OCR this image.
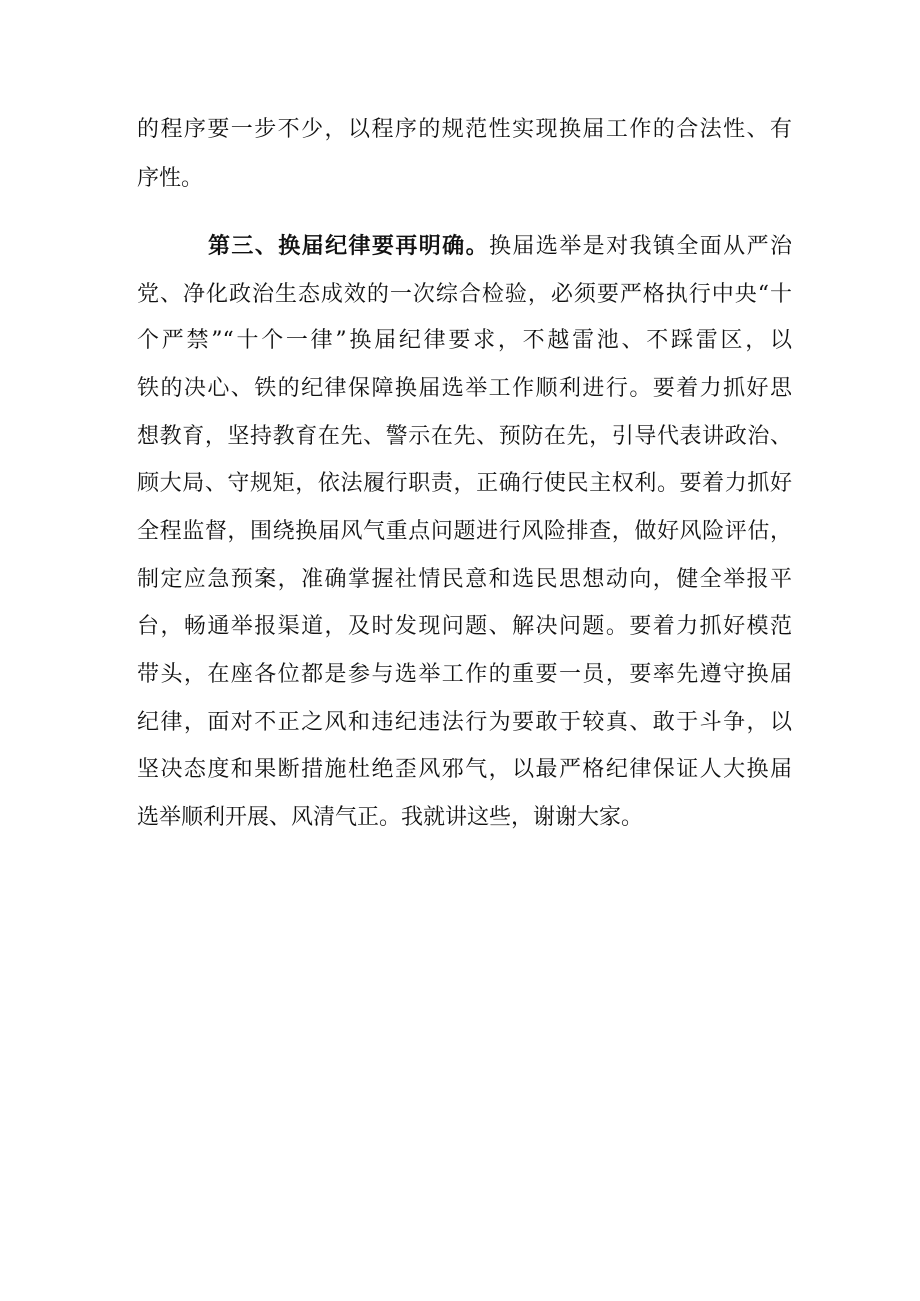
的程序要一步不少，以程序的规范性实现换届工作的合法性、有
序性。
第三、换届纪律要再明确。换届选举是对我镇全面从严治
党、净化政治生态成效的一次综合检验，必须要严格执行中央“十
个严禁”“十个一律”换届纪律要求，不越雷池、不踩雷区，以
铁的决心、铁的纪律保障换届选举工作顺利进行。要着力抓好思
想教育，坚持教育在先、警示在先、预防在先，引导代表讲政治、
顾大局、守规矩，依法履行职责，正确行使民主权利。要着力抓好
全程监督，围绕换届风气重点问题进行风险排查，做好风险评估，
制定应急预案，准确掌握社情民意和选民思想动向，健全举报平
台，畅通举报渠道，及时发现问题、解决问题。要着力抓好模范
带头，在座各位都是参与选举工作的重要一员，要率先遵守换届
纪律，面对不正之风和违纪违法行为要敢于较真、敢于斗争，以
坚决态度和果断措施杜绝歪风邪气，以最严格纪律保证人大换届
选举顺利开展、风清气正。我就讲这些，谢谢大家。
